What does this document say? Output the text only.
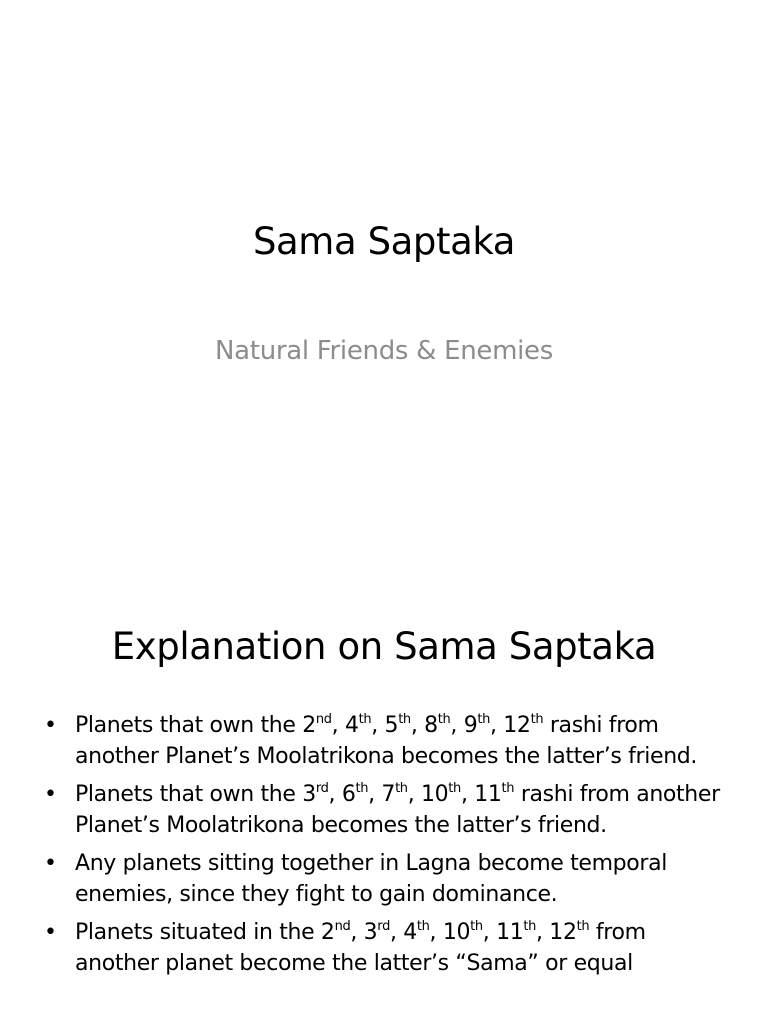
Sama Saptaka
Natural Friends & Enemies
Explanation on Sama Saptaka
• Planets that own the 2nd, 4th, 5th, 8th, 9th, 12th rashi from another Planet’s Moolatrikona becomes the latter’s friend.
• Planets that own the 3rd, 6th, 7th, 10th, 11th rashi from another Planet’s Moolatrikona becomes the latter’s friend.
• Any planets sitting together in Lagna become temporal enemies, since they fight to gain dominance.
• Planets situated in the 2nd, 3rd, 4th, 10th, 11th, 12th from another planet become the latter’s “Sama” or equal
